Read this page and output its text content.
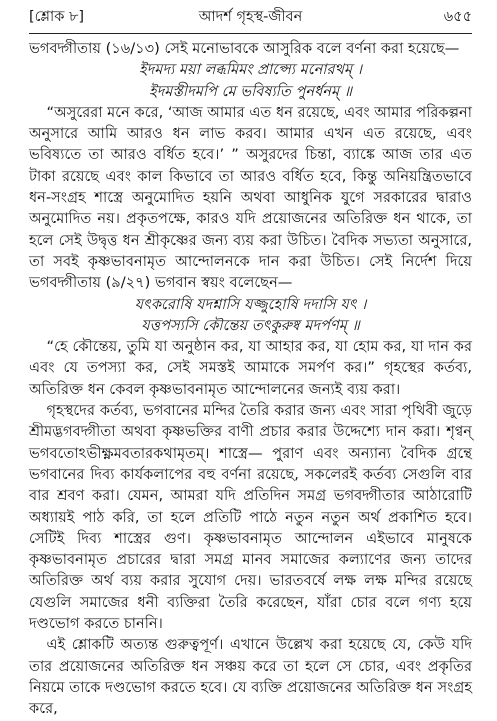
[শ্লোক ৮]	আদর্শ গৃহস্থ-জীবন	৬৫৫

ভগবদ্গীতায় (১৬/১৩) সেই মনোভাবকে আসুরিক বলে বর্ণনা করা হয়েছে—

ইদমদ্য ময়া লব্ধমিমং প্রাপ্স্যে মনোরথম্ ।

ইদমস্তীদমপি মে ভবিষ্যতি পুনর্ধনম্ ॥

“অসুরেরা মনে করে, ‘আজ আমার এত ধন রয়েছে, এবং আমার পরিকল্পনা অনুসারে আমি আরও ধন লাভ করব। আমার এখন এত রয়েছে, এবং ভবিষ্যতে তা আরও বর্ধিত হবে।’ ” অসুরদের চিন্তা, ব্যাঙ্কে আজ তার এত টাকা রয়েছে এবং কাল কিভাবে তা আরও বর্ধিত হবে, কিন্তু অনিয়ন্ত্রিতভাবে ধন-সংগ্রহ শাস্ত্রে অনুমোদিত হয়নি অথবা আধুনিক যুগে সরকারের দ্বারাও অনুমোদিত নয়। প্রকৃতপক্ষে, কারও যদি প্রয়োজনের অতিরিক্ত ধন থাকে, তা হলে সেই উদ্বৃত্ত ধন শ্রীকৃষ্ণের জন্য ব্যয় করা উচিত। বৈদিক সভ্যতা অনুসারে, তা সবই কৃষ্ণভাবনামৃত আন্দোলনকে দান করা উচিত। সেই নির্দেশ দিয়ে ভগবদ্গীতায় (৯/২৭) ভগবান স্বয়ং বলেছেন—

যৎকরোষি যদশ্নাসি যজ্জুহোষি দদাসি যৎ ।

যত্তপস্যসি কৌন্তেয় তৎকুরুষ্ব মদর্পণম্ ॥

“হে কৌন্তেয়, তুমি যা অনুষ্ঠান কর, যা আহার কর, যা হোম কর, যা দান কর এবং যে তপস্যা কর, সেই সমস্তই আমাকে সমর্পণ কর।” গৃহস্থের কর্তব্য, অতিরিক্ত ধন কেবল কৃষ্ণভাবনামৃত আন্দোলনের জন্যই ব্যয় করা।

গৃহস্থদের কর্তব্য, ভগবানের মন্দির তৈরি করার জন্য এবং সারা পৃথিবী জুড়ে শ্রীমদ্ভগবদ্গীতা অথবা কৃষ্ণভক্তির বাণী প্রচার করার উদ্দেশ্যে দান করা। শৃণ্বন্ ভগবতোঽভীক্ষ্ণমবতারকথামৃতম্। শাস্ত্রে— পুরাণ এবং অন্যান্য বৈদিক গ্রন্থে ভগবানের দিব্য কার্যকলাপের বহু বর্ণনা রয়েছে, সকলেরই কর্তব্য সেগুলি বার বার শ্রবণ করা। যেমন, আমরা যদি প্রতিদিন সমগ্র ভগবদ্গীতার আঠারোটি অধ্যায়ই পাঠ করি, তা হলে প্রতিটি পাঠে নতুন নতুন অর্থ প্রকাশিত হবে। সেটিই দিব্য শাস্ত্রের গুণ। কৃষ্ণভাবনামৃত আন্দোলন এইভাবে মানুষকে কৃষ্ণভাবনামৃত প্রচারের দ্বারা সমগ্র মানব সমাজের কল্যাণের জন্য তাদের অতিরিক্ত অর্থ ব্যয় করার সুযোগ দেয়। ভারতবর্ষে লক্ষ লক্ষ মন্দির রয়েছে যেগুলি সমাজের ধনী ব্যক্তিরা তৈরি করেছেন, যাঁরা চোর বলে গণ্য হয়ে দণ্ডভোগ করতে চাননি।

এই শ্লোকটি অত্যন্ত গুরুত্বপূর্ণ। এখানে উল্লেখ করা হয়েছে যে, কেউ যদি তার প্রয়োজনের অতিরিক্ত ধন সঞ্চয় করে তা হলে সে চোর, এবং প্রকৃতির নিয়মে তাকে দণ্ডভোগ করতে হবে। যে ব্যক্তি প্রয়োজনের অতিরিক্ত ধন সংগ্রহ করে,
